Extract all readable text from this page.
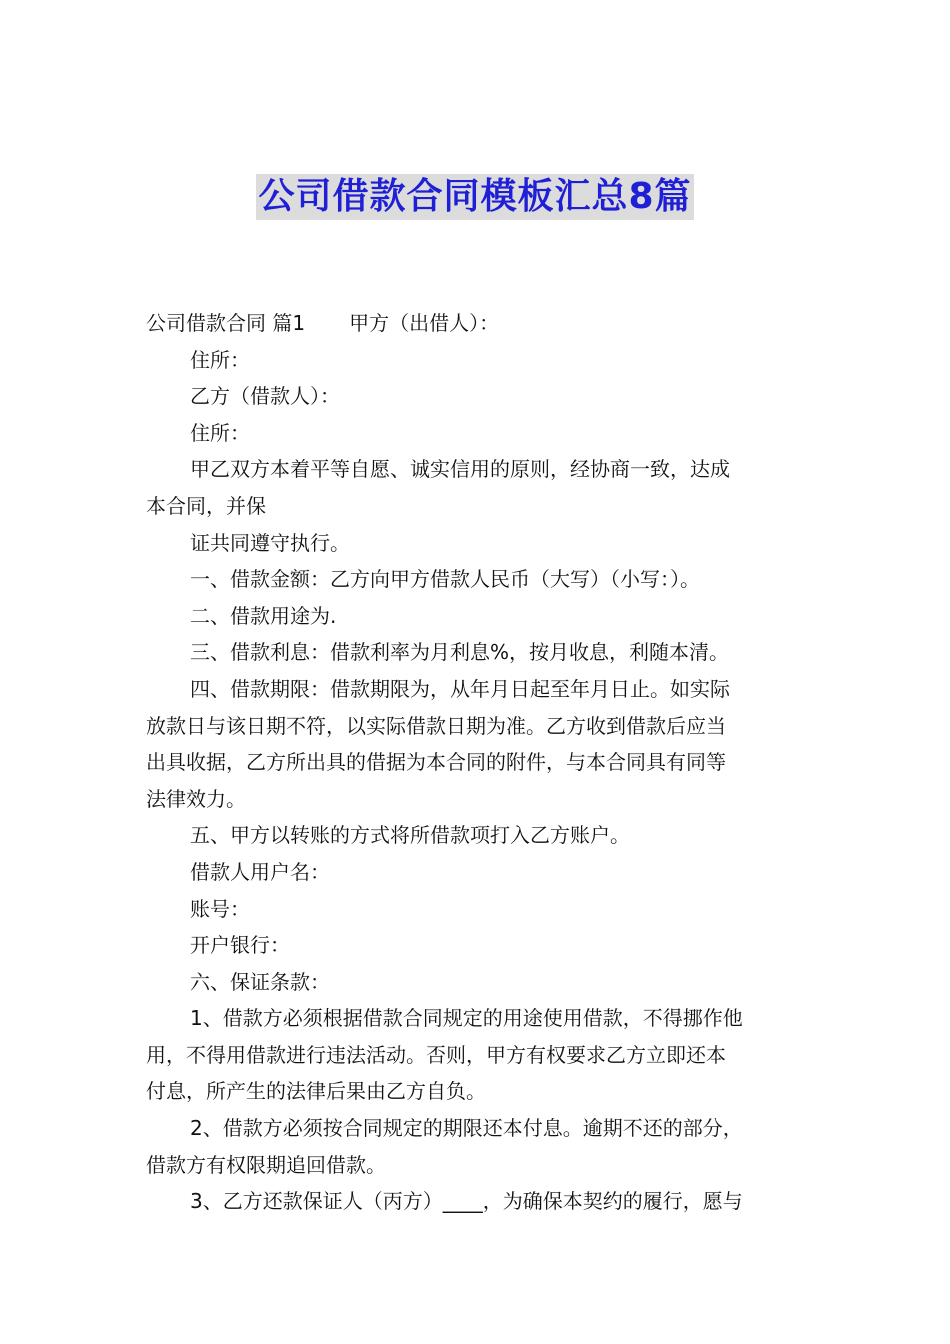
公司借款合同模板汇总8篇
公司借款合同 篇1 甲方（出借人）：
住所：
乙方（借款人）：
住所：
甲乙双方本着平等自愿、诚实信用的原则，经协商一致，达成
本合同，并保
证共同遵守执行。
一、借款金额：乙方向甲方借款人民币（大写）（小写：）。
二、借款用途为.
三、借款利息：借款利率为月利息%，按月收息，利随本清。
四、借款期限：借款期限为，从年月日起至年月日止。如实际
放款日与该日期不符，以实际借款日期为准。乙方收到借款后应当
出具收据，乙方所出具的借据为本合同的附件，与本合同具有同等
法律效力。
五、甲方以转账的方式将所借款项打入乙方账户。
借款人用户名：
账号：
开户银行：
六、保证条款：
1、借款方必须根据借款合同规定的用途使用借款，不得挪作他
用，不得用借款进行违法活动。否则，甲方有权要求乙方立即还本
付息，所产生的法律后果由乙方自负。
2、借款方必须按合同规定的期限还本付息。逾期不还的部分，
借款方有权限期追回借款。
3、乙方还款保证人（丙方）____，为确保本契约的履行，愿与
